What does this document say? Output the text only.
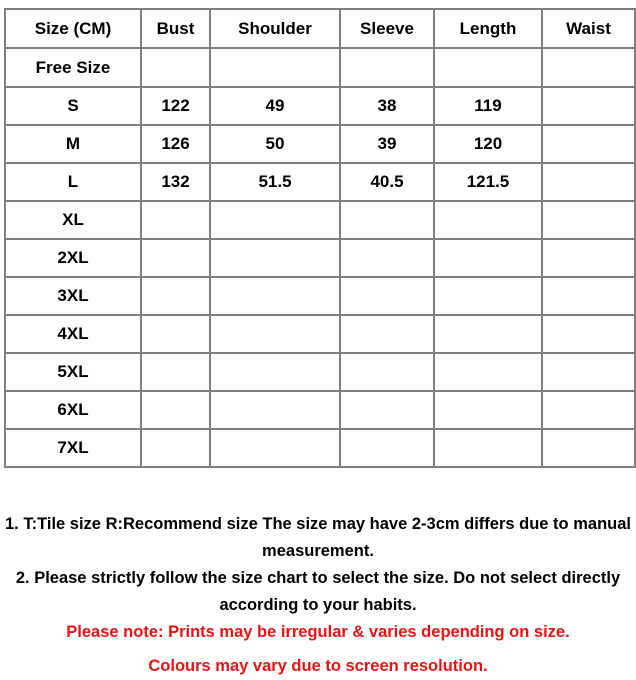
Size (CM)	Bust	Shoulder	Sleeve	Length	Waist
Free Size					
S	122	49	38	119	
M	126	50	39	120	
L	132	51.5	40.5	121.5	
XL					
2XL					
3XL					
4XL					
5XL					
6XL					
7XL					

1. T:Tile size R:Recommend size The size may have 2-3cm differs due to manual measurement.

2. Please strictly follow the size chart to select the size. Do not select directly according to your habits.

Please note: Prints may be irregular & varies depending on size.

Colours may vary due to screen resolution.
